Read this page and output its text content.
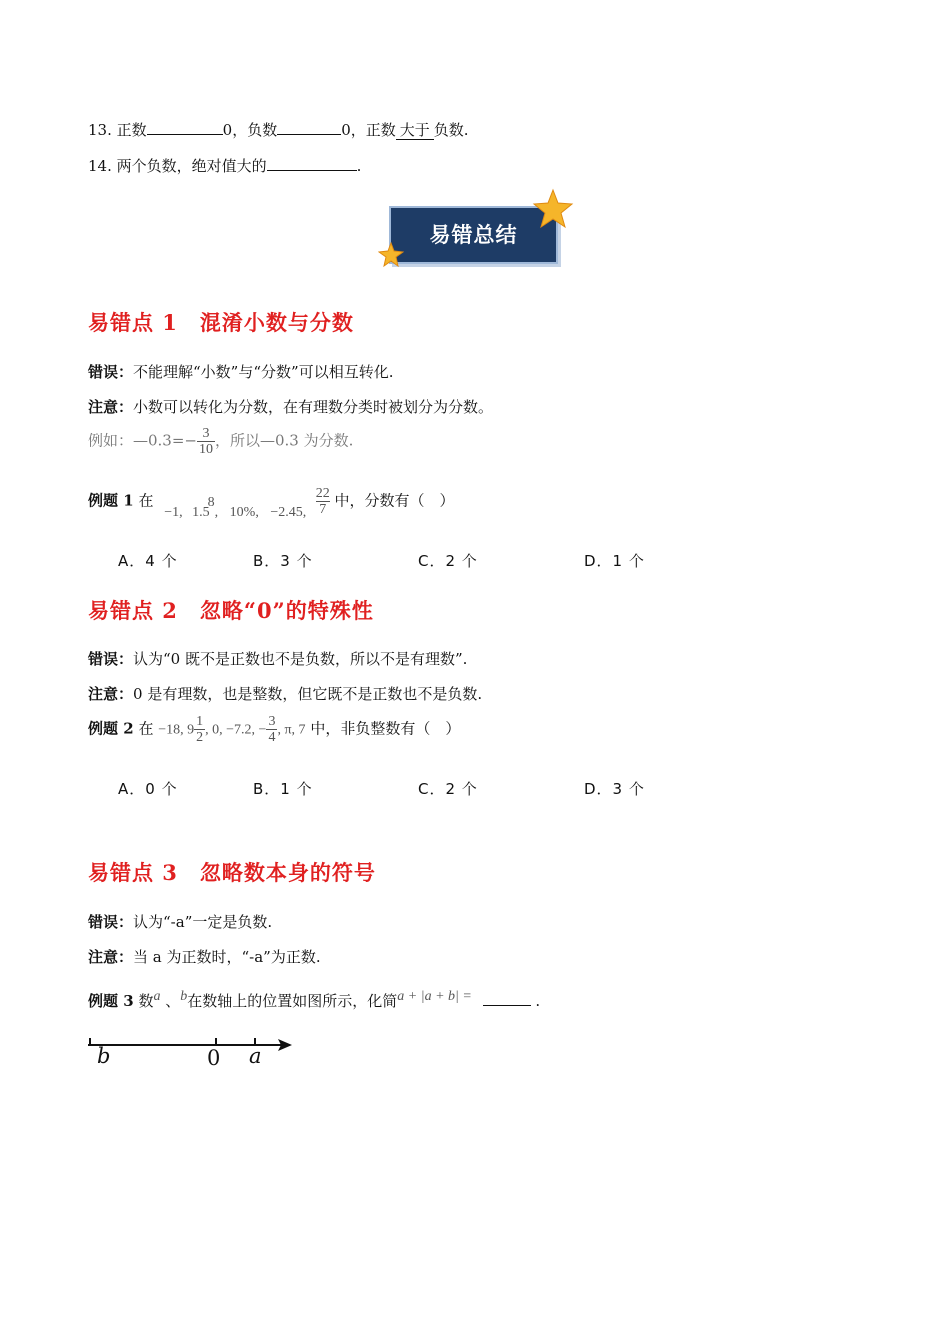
13. 正数	0，负数	0，正数 大于 负数.
14. 两个负数，绝对值大的	.
易错总结
易错点 1　混淆小数与分数
错误：不能理解“小数”与“分数”可以相互转化.
注意：小数可以转化为分数，在有理数分类时被划分为分数。
例如：—0.3=− $\frac{3}{10}$ ，所以—0.3 为分数.
例题 1 在 −1, 1.58, 10%, −2.45, $\frac{22}{7}$ 中，分数有（　）
A．4 个	B．3 个	C．2 个	D．1 个
易错点 2　忽略“0”的特殊性
错误：认为“0 既不是正数也不是负数，所以不是有理数”.
注意：0 是有理数，也是整数，但它既不是正数也不是负数.
例题 2 在 −18, $9 \frac{1}{2}$ , 0, −7.2, − $\frac{3}{4}$ , π, 7 中，非负整数有（　）
A．0 个	B．1 个	C．2 个	D．3 个
易错点 3　忽略数本身的符号
错误：认为“-a”一定是负数.
注意：当 a 为正数时，“-a”为正数.
例题 3 数a 、b在数轴上的位置如图所示，化简a + |a + b| =	.
b	0 a
